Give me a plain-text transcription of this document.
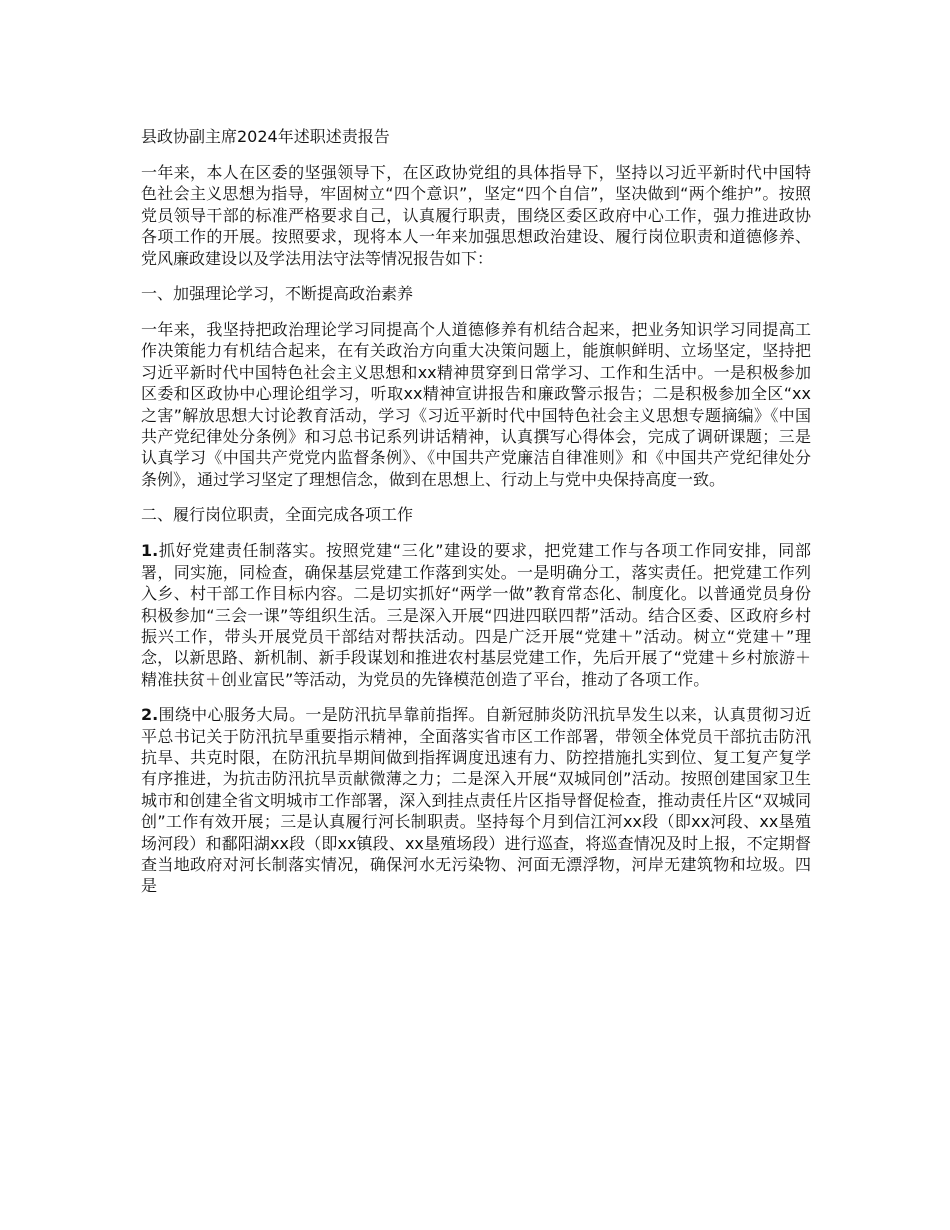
县政协副主席2024年述职述责报告

一年来，本人在区委的坚强领导下，在区政协党组的具体指导下，坚持以习近平新时代中国特色社会主义思想为指导，牢固树立“四个意识”，坚定“四个自信”，坚决做到“两个维护”。按照党员领导干部的标准严格要求自己，认真履行职责，围绕区委区政府中心工作，强力推进政协各项工作的开展。按照要求，现将本人一年来加强思想政治建设、履行岗位职责和道德修养、党风廉政建设以及学法用法守法等情况报告如下：

一、加强理论学习，不断提高政治素养

一年来，我坚持把政治理论学习同提高个人道德修养有机结合起来，把业务知识学习同提高工作决策能力有机结合起来，在有关政治方向重大决策问题上，能旗帜鲜明、立场坚定，坚持把习近平新时代中国特色社会主义思想和xx精神贯穿到日常学习、工作和生活中。一是积极参加区委和区政协中心理论组学习，听取xx精神宣讲报告和廉政警示报告；二是积极参加全区“xx之害”解放思想大讨论教育活动，学习《习近平新时代中国特色社会主义思想专题摘编》《中国共产党纪律处分条例》和习总书记系列讲话精神，认真撰写心得体会，完成了调研课题；三是认真学习《中国共产党党内监督条例》、《中国共产党廉洁自律准则》和《中国共产党纪律处分条例》，通过学习坚定了理想信念，做到在思想上、行动上与党中央保持高度一致。

二、履行岗位职责，全面完成各项工作

1.抓好党建责任制落实。按照党建“三化”建设的要求，把党建工作与各项工作同安排，同部署，同实施，同检查，确保基层党建工作落到实处。一是明确分工，落实责任。把党建工作列入乡、村干部工作目标内容。二是切实抓好“两学一做”教育常态化、制度化。以普通党员身份积极参加“三会一课”等组织生活。三是深入开展“四进四联四帮”活动。结合区委、区政府乡村振兴工作，带头开展党员干部结对帮扶活动。四是广泛开展“党建＋”活动。树立“党建＋”理念，以新思路、新机制、新手段谋划和推进农村基层党建工作，先后开展了“党建＋乡村旅游＋精准扶贫＋创业富民”等活动，为党员的先锋模范创造了平台，推动了各项工作。

2.围绕中心服务大局。一是防汛抗旱靠前指挥。自新冠肺炎防汛抗旱发生以来，认真贯彻习近平总书记关于防汛抗旱重要指示精神，全面落实省市区工作部署，带领全体党员干部抗击防汛抗旱、共克时限，在防汛抗旱期间做到指挥调度迅速有力、防控措施扎实到位、复工复产复学有序推进，为抗击防汛抗旱贡献微薄之力；二是深入开展“双城同创”活动。按照创建国家卫生城市和创建全省文明城市工作部署，深入到挂点责任片区指导督促检查，推动责任片区“双城同创”工作有效开展；三是认真履行河长制职责。坚持每个月到信江河xx段（即xx河段、xx垦殖场河段）和鄱阳湖xx段（即xx镇段、xx垦殖场段）进行巡查，将巡查情况及时上报，不定期督查当地政府对河长制落实情况，确保河水无污染物、河面无漂浮物，河岸无建筑物和垃圾。四是
